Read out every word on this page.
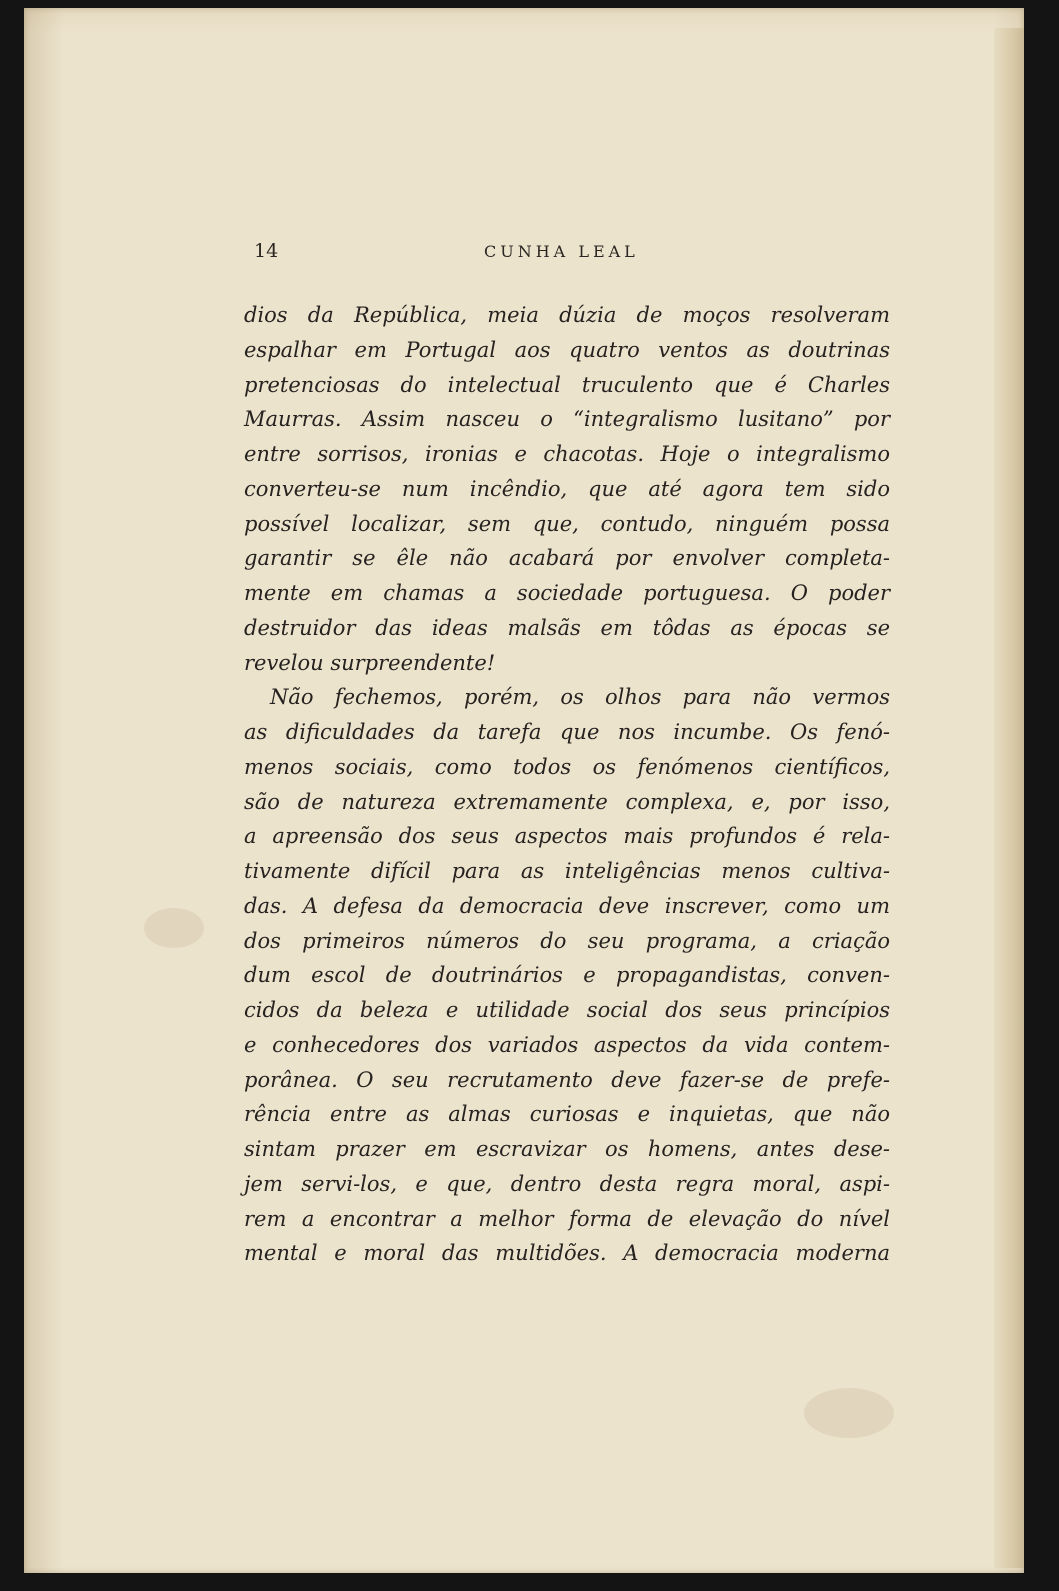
14	CUNHA LEAL
dios da República, meia dúzia de moços resolveram
espalhar em Portugal aos quatro ventos as doutrinas
pretenciosas do intelectual truculento que é Charles
Maurras. Assim nasceu o “integralismo lusitano” por
entre sorrisos, ironias e chacotas. Hoje o integralismo
converteu-se num incêndio, que até agora tem sido
possível localizar, sem que, contudo, ninguém possa
garantir se êle não acabará por envolver completa-
mente em chamas a sociedade portuguesa. O poder
destruidor das ideas malsãs em tôdas as épocas se
revelou surpreendente!
Não fechemos, porém, os olhos para não vermos
as dificuldades da tarefa que nos incumbe. Os fenó-
menos sociais, como todos os fenómenos científicos,
são de natureza extremamente complexa, e, por isso,
a apreensão dos seus aspectos mais profundos é rela-
tivamente difícil para as inteligências menos cultiva-
das. A defesa da democracia deve inscrever, como um
dos primeiros números do seu programa, a criação
dum escol de doutrinários e propagandistas, conven-
cidos da beleza e utilidade social dos seus princípios
e conhecedores dos variados aspectos da vida contem-
porânea. O seu recrutamento deve fazer-se de prefe-
rência entre as almas curiosas e inquietas, que não
sintam prazer em escravizar os homens, antes dese-
jem servi-los, e que, dentro desta regra moral, aspi-
rem a encontrar a melhor forma de elevação do nível
mental e moral das multidões. A democracia moderna
